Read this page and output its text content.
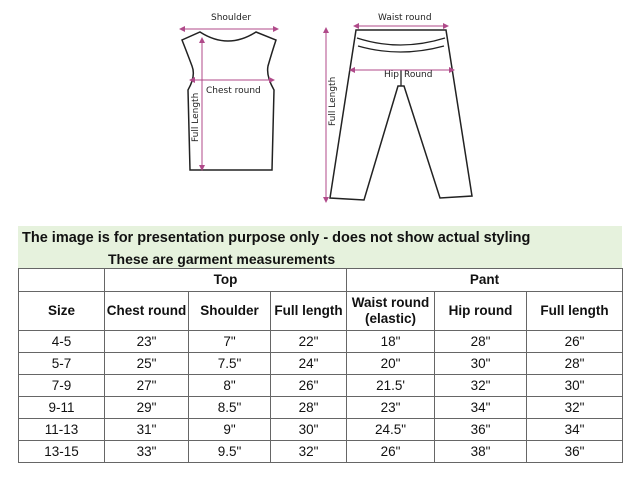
Shoulder
Chest round
Full Length
Waist round
Hip Round
Full Length
The image is for presentation purpose only - does not show actual styling
These are garment measurements
	Top			Pant		
Size	Chest round	Shoulder	Full length	Waist round (elastic)	Hip round	Full length
4-5	23"	7"	22"	18"	28"	26"
5-7	25"	7.5"	24"	20"	30"	28"
7-9	27"	8"	26"	21.5'	32"	30"
9-11	29"	8.5"	28"	23"	34"	32"
11-13	31"	9"	30"	24.5"	36"	34"
13-15	33"	9.5"	32"	26"	38"	36"
